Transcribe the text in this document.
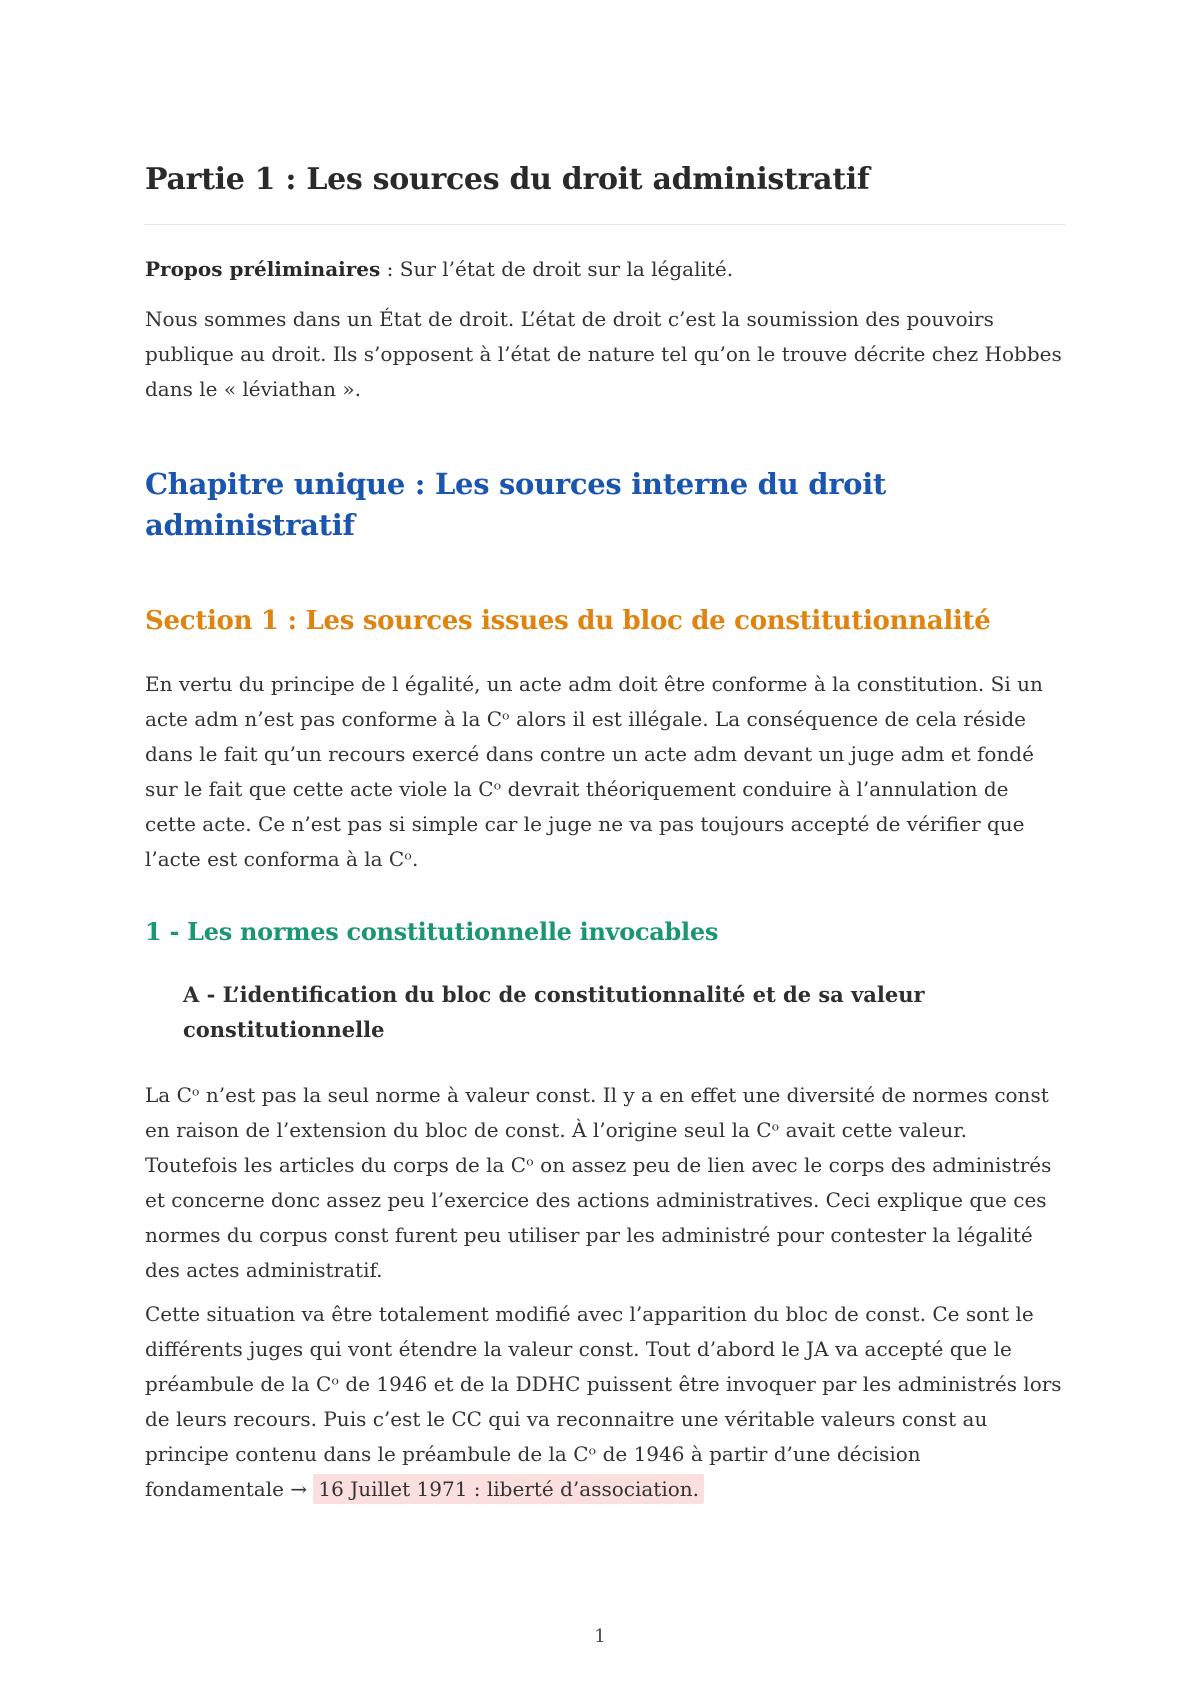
Partie 1 : Les sources du droit administratif

Propos préliminaires : Sur l’état de droit sur la légalité.

Nous sommes dans un État de droit. L’état de droit c’est la soumission des pouvoirs publique au droit. Ils s’opposent à l’état de nature tel qu’on le trouve décrite chez Hobbes dans le « léviathan ».

Chapitre unique : Les sources interne du droit administratif
Section 1 : Les sources issues du bloc de constitutionnalité

En vertu du principe de l égalité, un acte adm doit être conforme à la constitution. Si un acte adm n’est pas conforme à la Cᵒ alors il est illégale. La conséquence de cela réside dans le fait qu’un recours exercé dans contre un acte adm devant un juge adm et fondé sur le fait que cette acte viole la Cᵒ devrait théoriquement conduire à l’annulation de cette acte. Ce n’est pas si simple car le juge ne va pas toujours accepté de vérifier que l’acte est conforma à la Cᵒ.

1 - Les normes constitutionnelle invocables
A - L’identification du bloc de constitutionnalité et de sa valeur constitutionnelle

La Cᵒ n’est pas la seul norme à valeur const. Il y a en effet une diversité de normes const en raison de l’extension du bloc de const. À l’origine seul la Cᵒ avait cette valeur. Toutefois les articles du corps de la Cᵒ on assez peu de lien avec le corps des administrés et concerne donc assez peu l’exercice des actions administratives. Ceci explique que ces normes du corpus const furent peu utiliser par les administré pour contester la légalité des actes administratif.

Cette situation va être totalement modifié avec l’apparition du bloc de const. Ce sont le différents juges qui vont étendre la valeur const. Tout d’abord le JA va accepté que le préambule de la Cᵒ de 1946 et de la DDHC puissent être invoquer par les administrés lors de leurs recours. Puis c’est le CC qui va reconnaitre une véritable valeurs const au principe contenu dans le préambule de la Cᵒ de 1946 à partir d’une décision fondamentale → 16 Juillet 1971 : liberté d’association.

1
